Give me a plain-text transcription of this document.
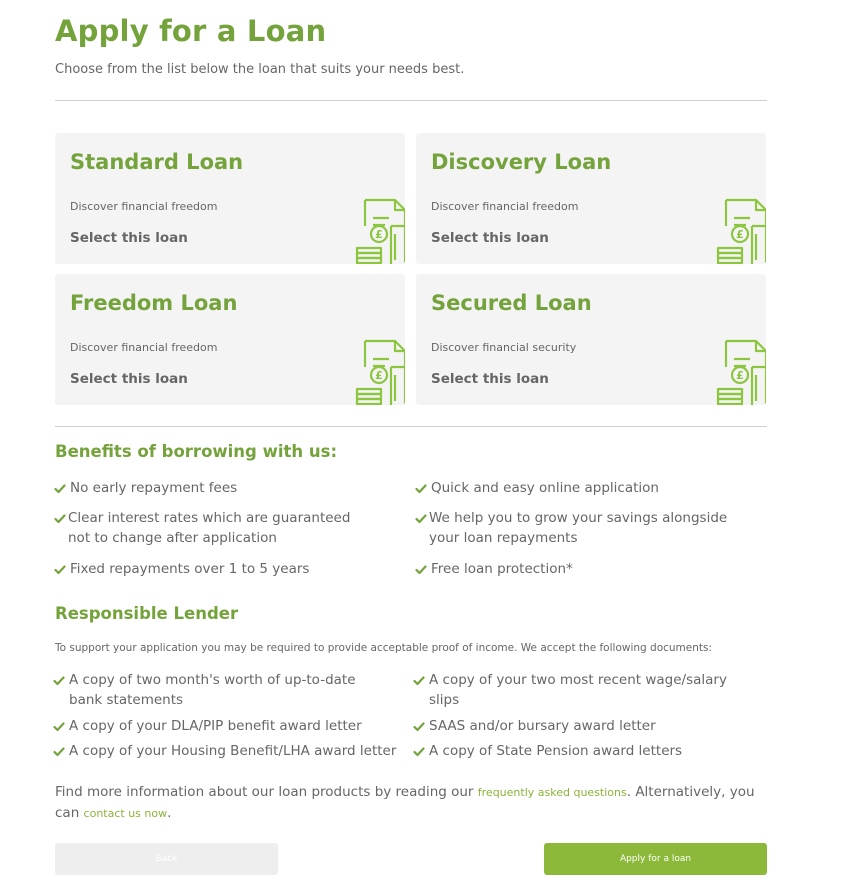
Apply for a Loan
Choose from the list below the loan that suits your needs best.
Standard Loan
Discover financial freedom
Select this loan
Discovery Loan
Discover financial freedom
Select this loan
Freedom Loan
Discover financial freedom
Select this loan
Secured Loan
Discover financial security
Select this loan
Benefits of borrowing with us:
No early repayment fees	Quick and easy online application
Clear interest rates which are guaranteed not to change after application
We help you to grow your savings alongside your loan repayments
Fixed repayments over 1 to 5 years	Free loan protection*
Responsible Lender
To support your application you may be required to provide acceptable proof of income. We accept the following documents:
A copy of two month's worth of up-to-date bank statements
A copy of your two most recent wage/salary slips
A copy of your DLA/PIP benefit award letter	SAAS and/or bursary award letter
A copy of your Housing Benefit/LHA award letter A copy of State Pension award letters
Find more information about our loan products by reading our frequently asked questions. Alternatively, you can contact us now.
Back	Apply for a loan
